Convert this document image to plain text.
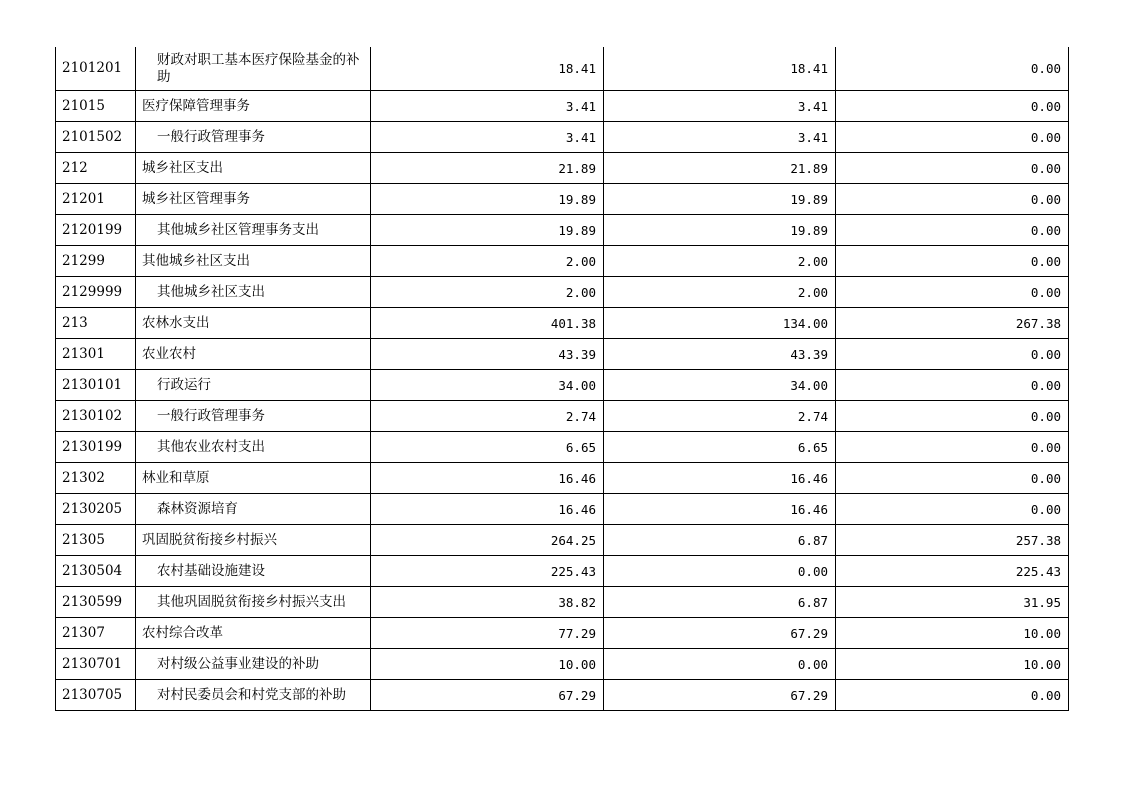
2101201	财政对职工基本医疗保险基金的补助	18.41	18.41	0.00
21015	医疗保障管理事务	3.41	3.41	0.00
2101502	一般行政管理事务	3.41	3.41	0.00
212	城乡社区支出	21.89	21.89	0.00
21201	城乡社区管理事务	19.89	19.89	0.00
2120199	其他城乡社区管理事务支出	19.89	19.89	0.00
21299	其他城乡社区支出	2.00	2.00	0.00
2129999	其他城乡社区支出	2.00	2.00	0.00
213	农林水支出	401.38	134.00	267.38
21301	农业农村	43.39	43.39	0.00
2130101	行政运行	34.00	34.00	0.00
2130102	一般行政管理事务	2.74	2.74	0.00
2130199	其他农业农村支出	6.65	6.65	0.00
21302	林业和草原	16.46	16.46	0.00
2130205	森林资源培育	16.46	16.46	0.00
21305	巩固脱贫衔接乡村振兴	264.25	6.87	257.38
2130504	农村基础设施建设	225.43	0.00	225.43
2130599	其他巩固脱贫衔接乡村振兴支出	38.82	6.87	31.95
21307	农村综合改革	77.29	67.29	10.00
2130701	对村级公益事业建设的补助	10.00	0.00	10.00
2130705	对村民委员会和村党支部的补助	67.29	67.29	0.00
